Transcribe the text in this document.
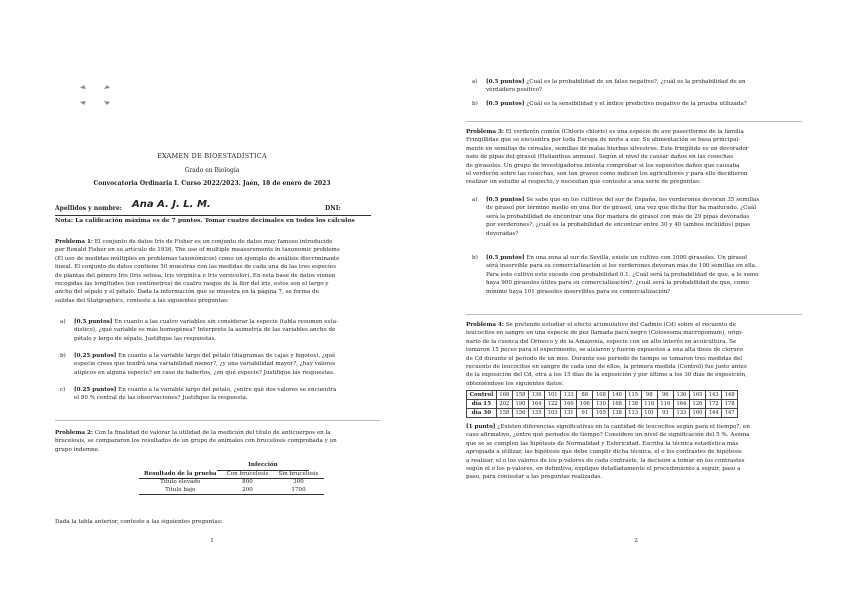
EXAMEN DE BIOESTADÍSTICA
Grado en Biología
Convocatoria Ordinaria I. Curso 2022/2023. Jaén, 18 de enero de 2023
Apellidos y nombre: Ana A. J. L. M.	DNI:
Nota: La calificación máxima es de 7 puntos. Tomar cuatro decimales en todos los cálculos
Problema 1: El conjunto de datos Iris de Fisher es un conjunto de datos muy famoso introducido
por Ronald Fisher en su artículo de 1936, The use of multiple measurements in taxonomic problems
(El uso de medidas múltiples en problemas taxonómicos) como un ejemplo de análisis discriminante
lineal. El conjunto de datos contiene 50 muestras con las medidas de cada una de las tres especies
de plantas del género Iris (Iris setosa, Iris virginica e Iris versicolor). En esta base de datos vienen
recogidas las longitudes (en centímetros) de cuatro rasgos de la flor del iris, estos son el largo y
ancho del sépalo y el pétalo. Dada la información que se muestra en la página 7, se forma de
salidas del Statgraphics, conteste a las siguientes preguntas:
a) [0.5 puntos] En cuanto a las cuatro variables sin considerar la especie (tabla resumen esta-
dístico), ¿qué variable es más homogénea? Interprete la asimetría de las variables ancho de
pétalo y largo de sépalo. Justifique las respuestas.
b) [0.25 puntos] En cuanto a la variable largo del pétalo (diagramas de cajas y bigotes), ¿qué
especie crees que tendrá una variabilidad menor?, ¿y una variabilidad mayor?, ¿hay valores
atípicos en alguna especie? en caso de haberlos, ¿en qué especie? Justifique las respuestas.
c) [0.25 puntos] En cuanto a la variable largo del pétalo, ¿entre qué dos valores se encuentra
el 80 % central de las observaciones? Justifique la respuesta.
Problema 2: Con la finalidad de valorar la utilidad de la medición del título de anticuerpos en la
brucelosis, se compararon los resultados de un grupo de animales con brucelosis comprobada y un
grupo indemne.
Infección
Resultado de la prueba	Con brucelosis	Sin brucelosis
Título elevado	800	300
Título bajo	200	1700
Dada la tabla anterior, conteste a las siguientes preguntas:
1
a) [0.5 puntos] ¿Cuál es la probabilidad de un falso negativo?, ¿cuál es la probabilidad de un
verdadero positivo?
b) [0.5 puntos] ¿Cuál es la sensibilidad y el índice predictivo negativo de la prueba utilizada?
Problema 3: El verderón común (Chloris chloris) es una especie de ave paseriforme de la familia
Fringillidae que se encuentra por toda Europa de norte a sur. Su alimentación se basa principal-
mente en semillas de cereales, semillas de malas hierbas silvestres. Este fringílido es un devorador
nato de pipas del girasol (Helianthus annuus). Según el nivel de causar daños en las cosechas
de girasoles. Un grupo de investigadores intenta comprobar si los supuestos daños que causaba
el verderón sobre las cosechas, son tan graves como indican los agricultores y para ello decidieron
realizar un estudio al respecto, y necesitan que conteste a una serie de preguntas:
a) [0.5 puntos] Se sabe que en los cultivos del sur de España, los verderones devoran 35 semillas
de girasol por término medio en una flor de girasol, una vez que dicha flor ha madurado. ¿Cuál
será la probabilidad de encontrar una flor madura de girasol con más de 29 pipas devoradas
por verderones?, ¿cuál es la probabilidad de encontrar entre 30 y 40 (ambos incluidos) pipas
devoradas?
b) [0.5 puntos] En una zona al sur de Sevilla, existe un cultivo con 1000 girasoles. Un girasol
será inservible para su comercialización si los verderones devoran más de 100 semillas en ella.
Para este cultivo esto sucede con probabilidad 0.1. ¿Cuál será la probabilidad de que, a lo sumo
haya 900 girasoles útiles para su comercialización?, ¿cuál será la probabilidad de que, como
mínimo haya 101 girasoles inservibles para su comercialización?
Problema 4: Se pretende estudiar el efecto acumulativo del Cadmio (Cd) sobre el recuento de
leucocitos en sangre en una especie de pez llamada pacú negro (Colossoma macropomum), origi-
nario de la cuenca del Orinoco y de la Amazonía, especie con un alto interés en acuicultura. Se
tomaron 15 peces para el experimento, se aislaron y fueron expuestos a una alta dosis de cloruro
de Cd durante el periodo de un mes. Durante ese periodo de tiempo se tomaron tres medidas del
recuento de leucocitos en sangre de cada uno de ellos, la primera medida (Control) fue justo antes
de la exposición del Cd, otra a los 15 días de la exposición y por último a los 30 días de exposición,
obteniéndose los siguientes datos:
Control	168	158	136	101	133	88	108	140	115	98	96	136	165	143	148
día 15	202	190	164	122	160	106	130	168	138	118	116	164	126	172	178
día 30	158	156	135	103	131	91	105	138	113	101	93	133	160	144	147
[1 punto] ¿Existen diferencias significativas en la cantidad de leucocitos según para el tiempo?, en
caso afirmativo, ¿entre qué periodos de tiempo? Considere un nivel de significación del 5 %. Asuma
que se se cumplen las hipótesis de Normalidad y Esfericidad. Escriba la técnica estadística más
apropiada a utilizar, las hipótesis que debe cumplir dicha técnica, el o los contrastes de hipótesis
a realizar, el o los valores de los p-valores de cada contraste, la decisión a tomar en los contrastes
según el o los p-valores, en definitiva, explique detalladamente el procedimiento a seguir, paso a
paso, para contestar a las preguntas realizadas.
2
